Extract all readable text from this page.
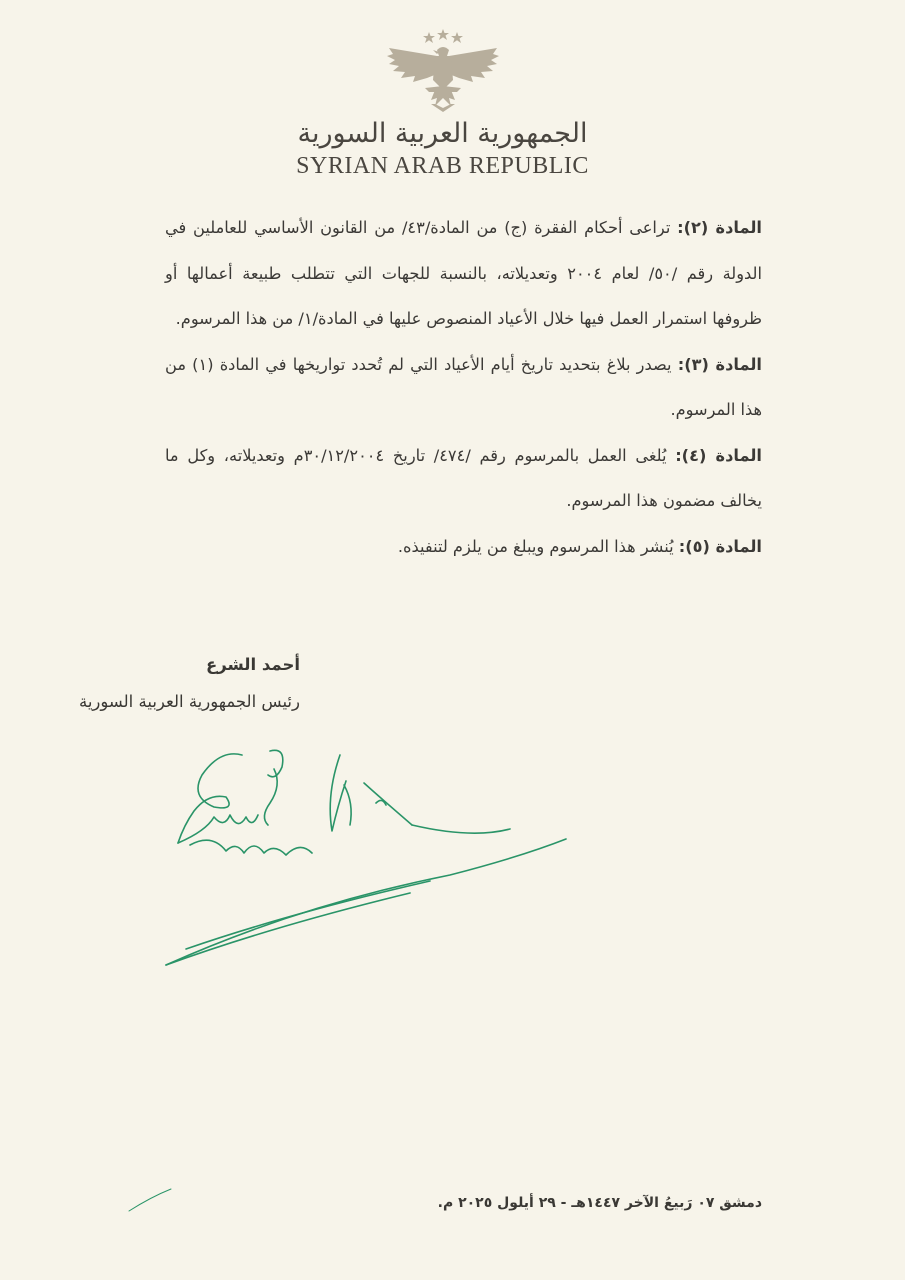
الجمهورية العربية السورية
SYRIAN ARAB REPUBLIC

المادة (٢): تراعى أحكام الفقرة (ج) من المادة/٤٣/ من القانون الأساسي للعاملين في الدولة رقم /٥٠/ لعام ٢٠٠٤ وتعديلاته، بالنسبة للجهات التي تتطلب طبيعة أعمالها أو ظروفها استمرار العمل فيها خلال الأعياد المنصوص عليها في المادة/١/ من هذا المرسوم.

المادة (٣): يصدر بلاغ بتحديد تاريخ أيام الأعياد التي لم تُحدد تواريخها في المادة (١) من هذا المرسوم.

المادة (٤): يُلغى العمل بالمرسوم رقم /٤٧٤/ تاريخ ٣٠/١٢/٢٠٠٤م وتعديلاته، وكل ما يخالف مضمون هذا المرسوم.

المادة (٥): يُنشر هذا المرسوم ويبلغ من يلزم لتنفيذه.

أحمد الشرع
رئيس الجمهورية العربية السورية
دمشق ٠٧ رَبيعُ الآخر ١٤٤٧هـ - ٢٩ أيلول ٢٠٢٥ م.
